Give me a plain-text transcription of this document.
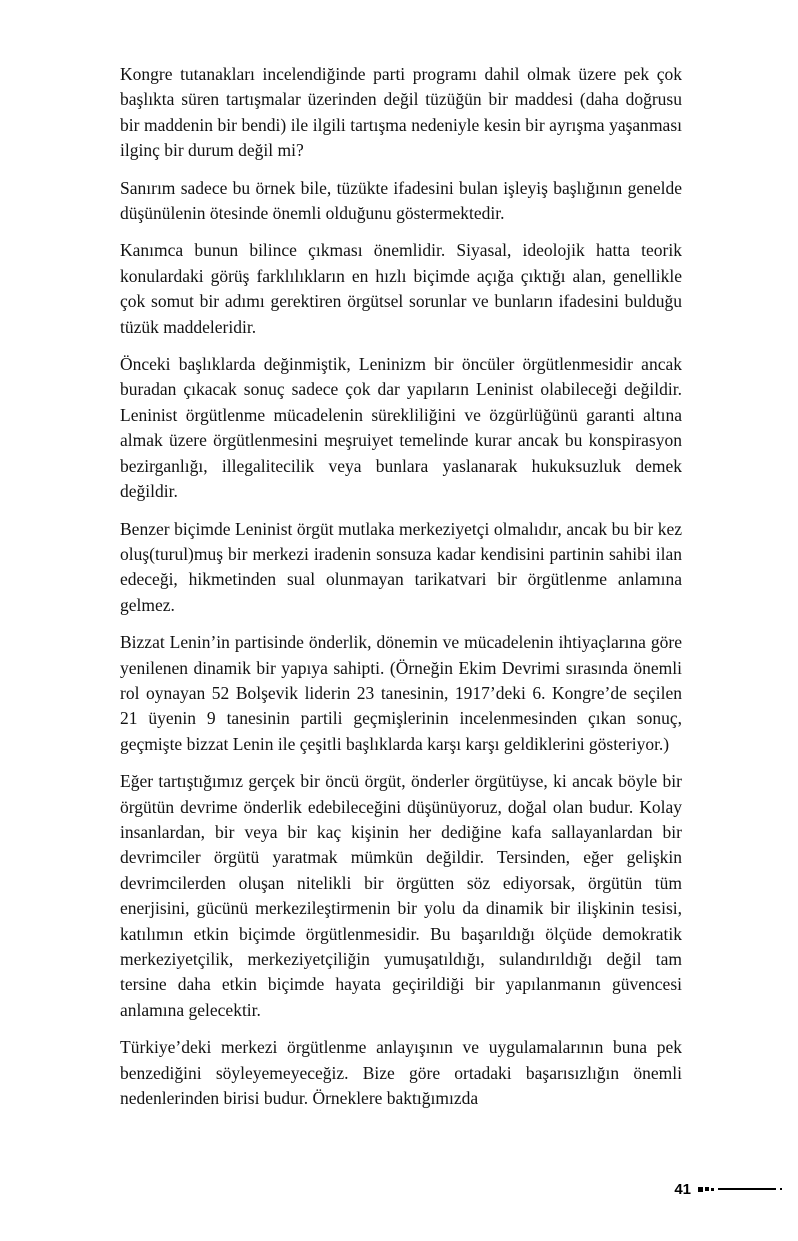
Kongre tutanakları incelendiğinde parti programı dahil olmak üzere pek çok başlıkta süren tartışmalar üzerinden değil tüzüğün bir maddesi (daha doğrusu bir maddenin bir bendi) ile ilgili tartışma nedeniyle kesin bir ayrışma yaşanması ilginç bir durum değil mi?

Sanırım sadece bu örnek bile, tüzükte ifadesini bulan işleyiş başlığının genelde düşünülenin ötesinde önemli olduğunu göstermektedir.

Kanımca bunun bilince çıkması önemlidir. Siyasal, ideolojik hatta teorik konulardaki görüş farklılıkların en hızlı biçimde açığa çıktığı alan, genellikle çok somut bir adımı gerektiren örgütsel sorunlar ve bunların ifadesini bulduğu tüzük maddeleridir.

Önceki başlıklarda değinmiştik, Leninizm bir öncüler örgütlenmesidir ancak buradan çıkacak sonuç sadece çok dar yapıların Leninist olabileceği değildir. Leninist örgütlenme mücadelenin sürekliliğini ve özgürlüğünü garanti altına almak üzere örgütlenmesini meşruiyet temelinde kurar ancak bu konspirasyon bezirganlığı, illegalitecilik veya bunlara yaslanarak hukuksuzluk demek değildir.

Benzer biçimde Leninist örgüt mutlaka merkeziyetçi olmalıdır, ancak bu bir kez oluş(turul)muş bir merkezi iradenin sonsuza kadar kendisini partinin sahibi ilan edeceği, hikmetinden sual olunmayan tarikatvari bir örgütlenme anlamına gelmez.

Bizzat Lenin’in partisinde önderlik, dönemin ve mücadelenin ihtiyaçlarına göre yenilenen dinamik bir yapıya sahipti. (Örneğin Ekim Devrimi sırasında önemli rol oynayan 52 Bolşevik liderin 23 tanesinin, 1917’deki 6. Kongre’de seçilen 21 üyenin 9 tanesinin partili geçmişlerinin incelenmesinden çıkan sonuç, geçmişte bizzat Lenin ile çeşitli başlıklarda karşı karşı geldiklerini gösteriyor.)

Eğer tartıştığımız gerçek bir öncü örgüt, önderler örgütüyse, ki ancak böyle bir örgütün devrime önderlik edebileceğini düşünüyoruz, doğal olan budur. Kolay insanlardan, bir veya bir kaç kişinin her dediğine kafa sallayanlardan bir devrimciler örgütü yaratmak mümkün değildir. Tersinden, eğer gelişkin devrimcilerden oluşan nitelikli bir örgütten söz ediyorsak, örgütün tüm enerjisini, gücünü merkezileştirmenin bir yolu da dinamik bir ilişkinin tesisi, katılımın etkin biçimde örgütlenmesidir. Bu başarıldığı ölçüde demokratik merkeziyetçilik, merkeziyetçiliğin yumuşatıldığı, sulandırıldığı değil tam tersine daha etkin biçimde hayata geçirildiği bir yapılanmanın güvencesi anlamına gelecektir.

Türkiye’deki merkezi örgütlenme anlayışının ve uygulamalarının buna pek benzediğini söyleyemeyeceğiz. Bize göre ortadaki başarısızlığın önemli nedenlerinden birisi budur. Örneklere baktığımızda

41
